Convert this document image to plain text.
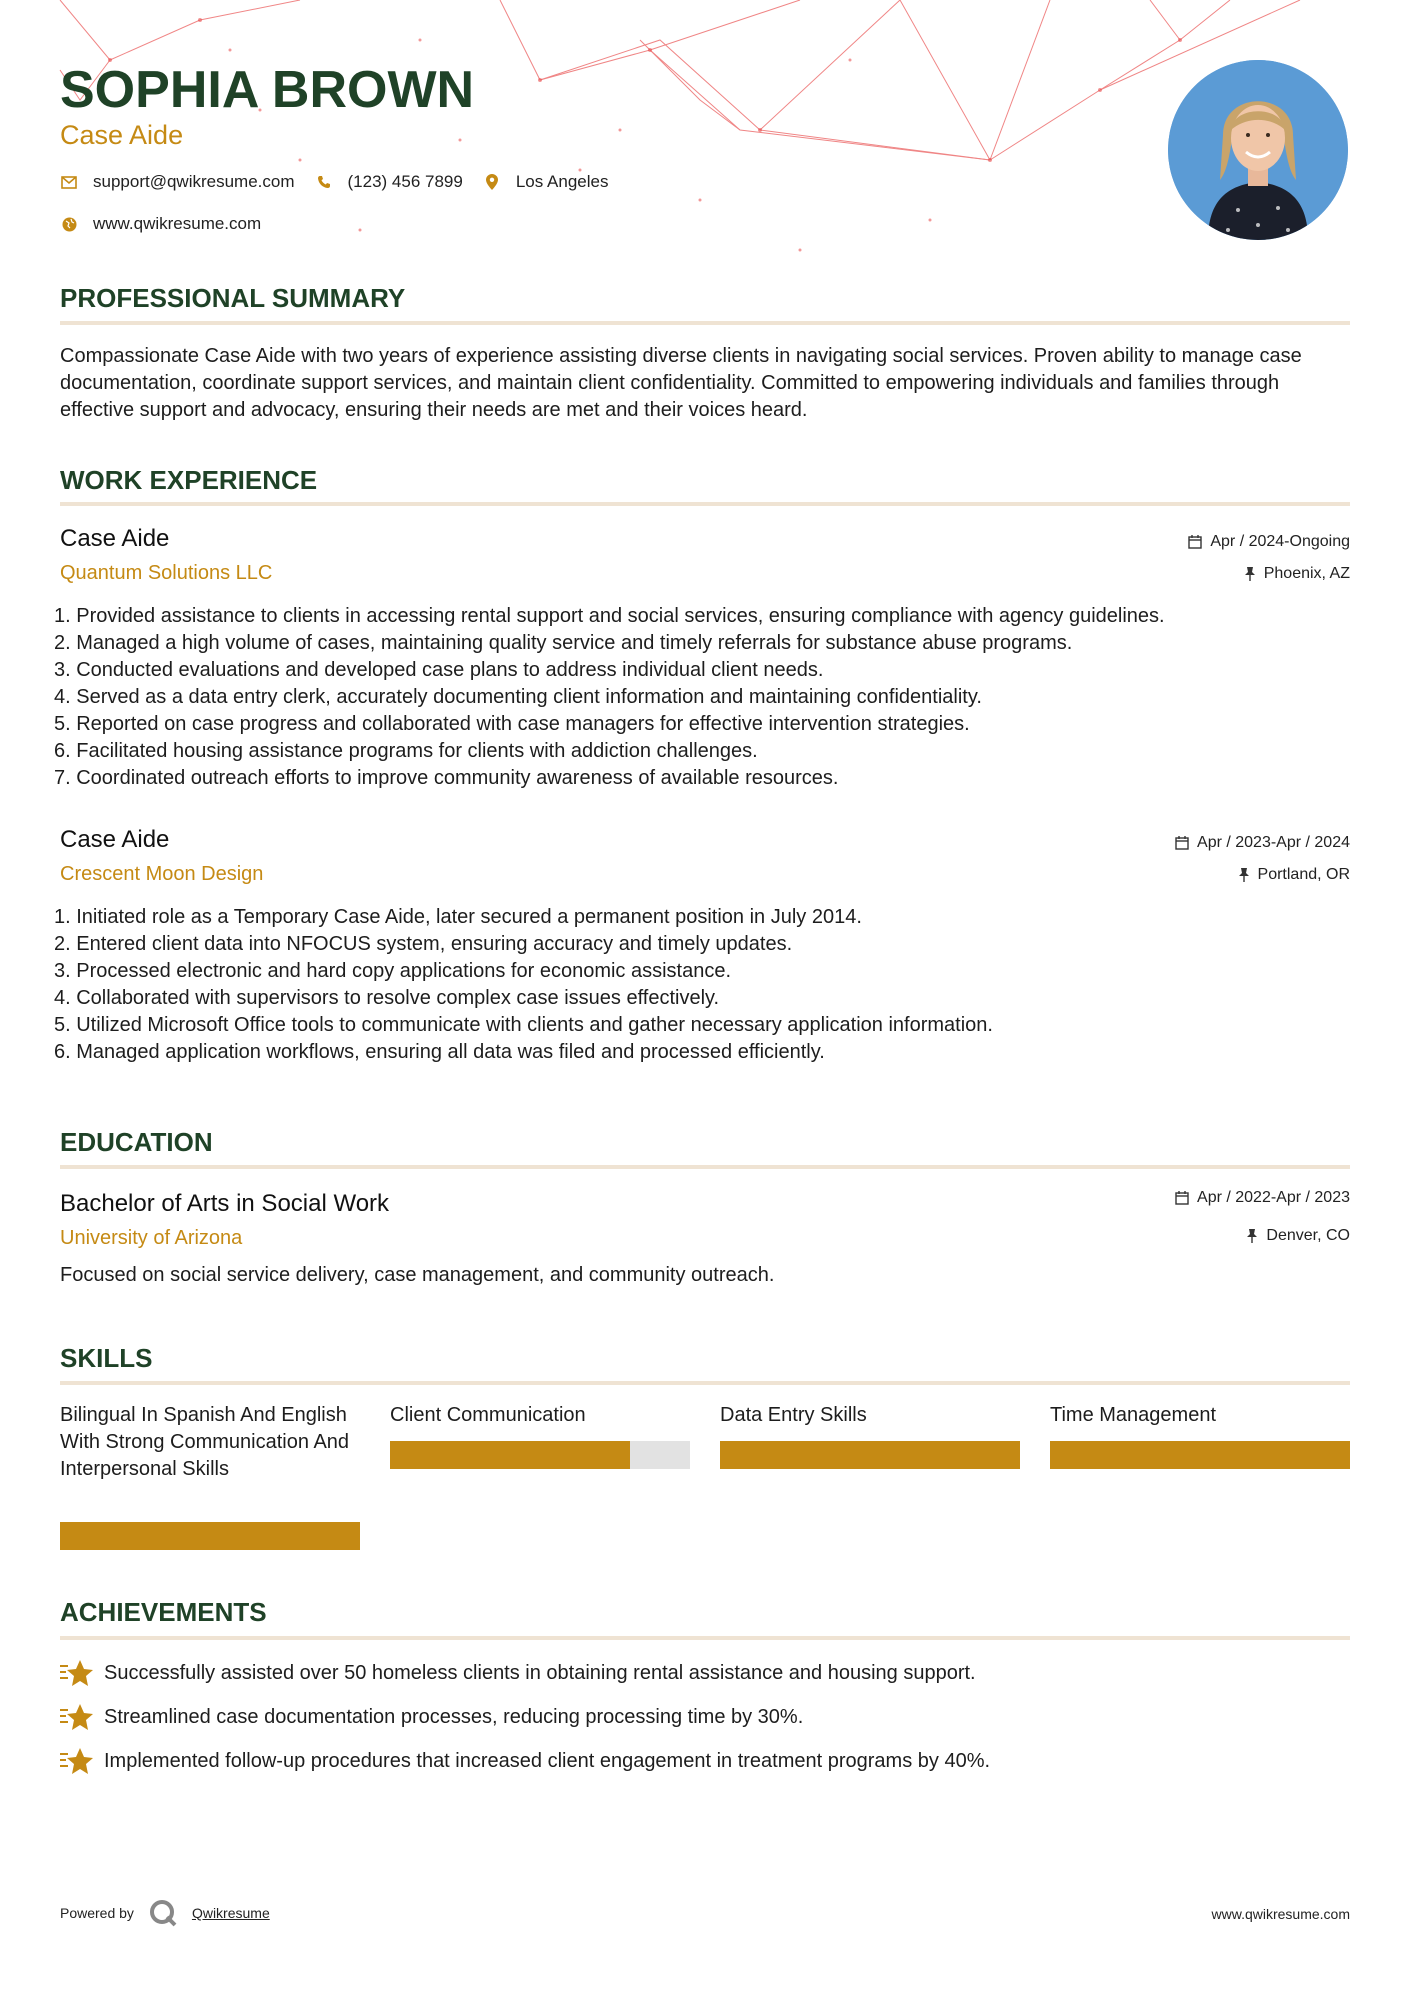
SOPHIA BROWN
Case Aide
support@qwikresume.com	(123) 456 7899	Los Angeles
www.qwikresume.com
PROFESSIONAL SUMMARY
Compassionate Case Aide with two years of experience assisting diverse clients in navigating social services. Proven ability to manage case documentation, coordinate support services, and maintain client confidentiality. Committed to empowering individuals and families through effective support and advocacy, ensuring their needs are met and their voices heard.
WORK EXPERIENCE
Case Aide
Quantum Solutions LLC
Apr / 2024-Ongoing
Phoenix, AZ
1. Provided assistance to clients in accessing rental support and social services, ensuring compliance with agency guidelines.
2. Managed a high volume of cases, maintaining quality service and timely referrals for substance abuse programs.
3. Conducted evaluations and developed case plans to address individual client needs.
4. Served as a data entry clerk, accurately documenting client information and maintaining confidentiality.
5. Reported on case progress and collaborated with case managers for effective intervention strategies.
6. Facilitated housing assistance programs for clients with addiction challenges.
7. Coordinated outreach efforts to improve community awareness of available resources.
Case Aide
Crescent Moon Design
Apr / 2023-Apr / 2024
Portland, OR
1. Initiated role as a Temporary Case Aide, later secured a permanent position in July 2014.
2. Entered client data into NFOCUS system, ensuring accuracy and timely updates.
3. Processed electronic and hard copy applications for economic assistance.
4. Collaborated with supervisors to resolve complex case issues effectively.
5. Utilized Microsoft Office tools to communicate with clients and gather necessary application information.
6. Managed application workflows, ensuring all data was filed and processed efficiently.
EDUCATION
Bachelor of Arts in Social Work
University of Arizona
Apr / 2022-Apr / 2023
Denver, CO
Focused on social service delivery, case management, and community outreach.
SKILLS
Bilingual In Spanish And English With Strong Communication And Interpersonal Skills
Client Communication	Data Entry Skills	Time Management
ACHIEVEMENTS
Successfully assisted over 50 homeless clients in obtaining rental assistance and housing support.
Streamlined case documentation processes, reducing processing time by 30%.
Implemented follow-up procedures that increased client engagement in treatment programs by 40%.
Powered by	Qwikresume	www.qwikresume.com
